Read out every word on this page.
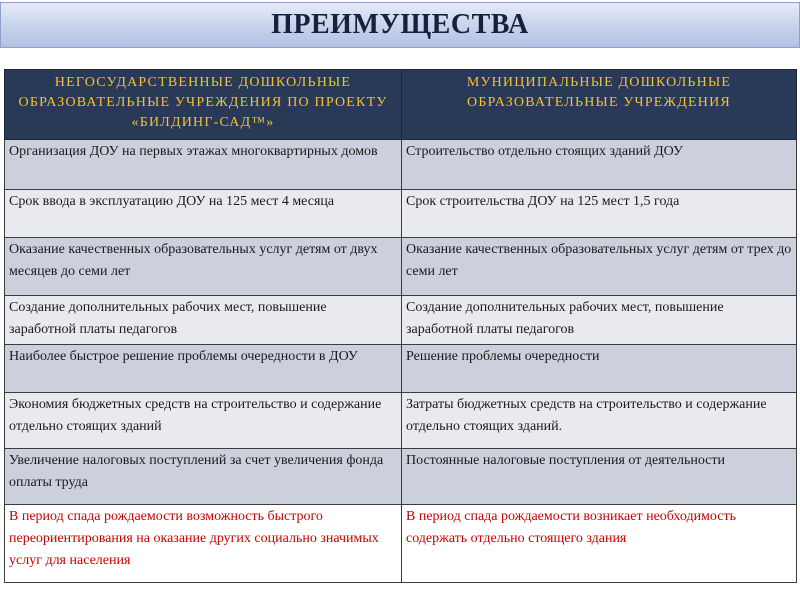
ПРЕИМУЩЕСТВА
НЕГОСУДАРСТВЕННЫЕ ДОШКОЛЬНЫЕ ОБРАЗОВАТЕЛЬНЫЕ УЧРЕЖДЕНИЯ ПО ПРОЕКТУ «БИЛДИНГ-САД™»	МУНИЦИПАЛЬНЫЕ ДОШКОЛЬНЫЕ ОБРАЗОВАТЕЛЬНЫЕ УЧРЕЖДЕНИЯ
Организация ДОУ на первых этажах многоквартирных домов	Строительство отдельно стоящих зданий ДОУ
Срок ввода в эксплуатацию ДОУ на 125 мест 4 месяца	Срок строительства ДОУ на 125 мест 1,5 года
Оказание качественных образовательных услуг детям от двух месяцев до семи лет	Оказание качественных образовательных услуг детям от трех до семи лет
Создание дополнительных рабочих мест, повышение заработной платы педагогов	Создание дополнительных рабочих мест, повышение заработной платы педагогов
Наиболее быстрое решение проблемы очередности в ДОУ	Решение проблемы очередности
Экономия бюджетных средств на строительство и содержание отдельно стоящих зданий	Затраты бюджетных средств на строительство и содержание отдельно стоящих зданий.
Увеличение налоговых поступлений за счет увеличения фонда оплаты труда	Постоянные налоговые поступления от деятельности
В период спада рождаемости возможность быстрого переориентирования на оказание других социально значимых услуг для населения	В период спада рождаемости возникает необходимость содержать отдельно стоящего здания
